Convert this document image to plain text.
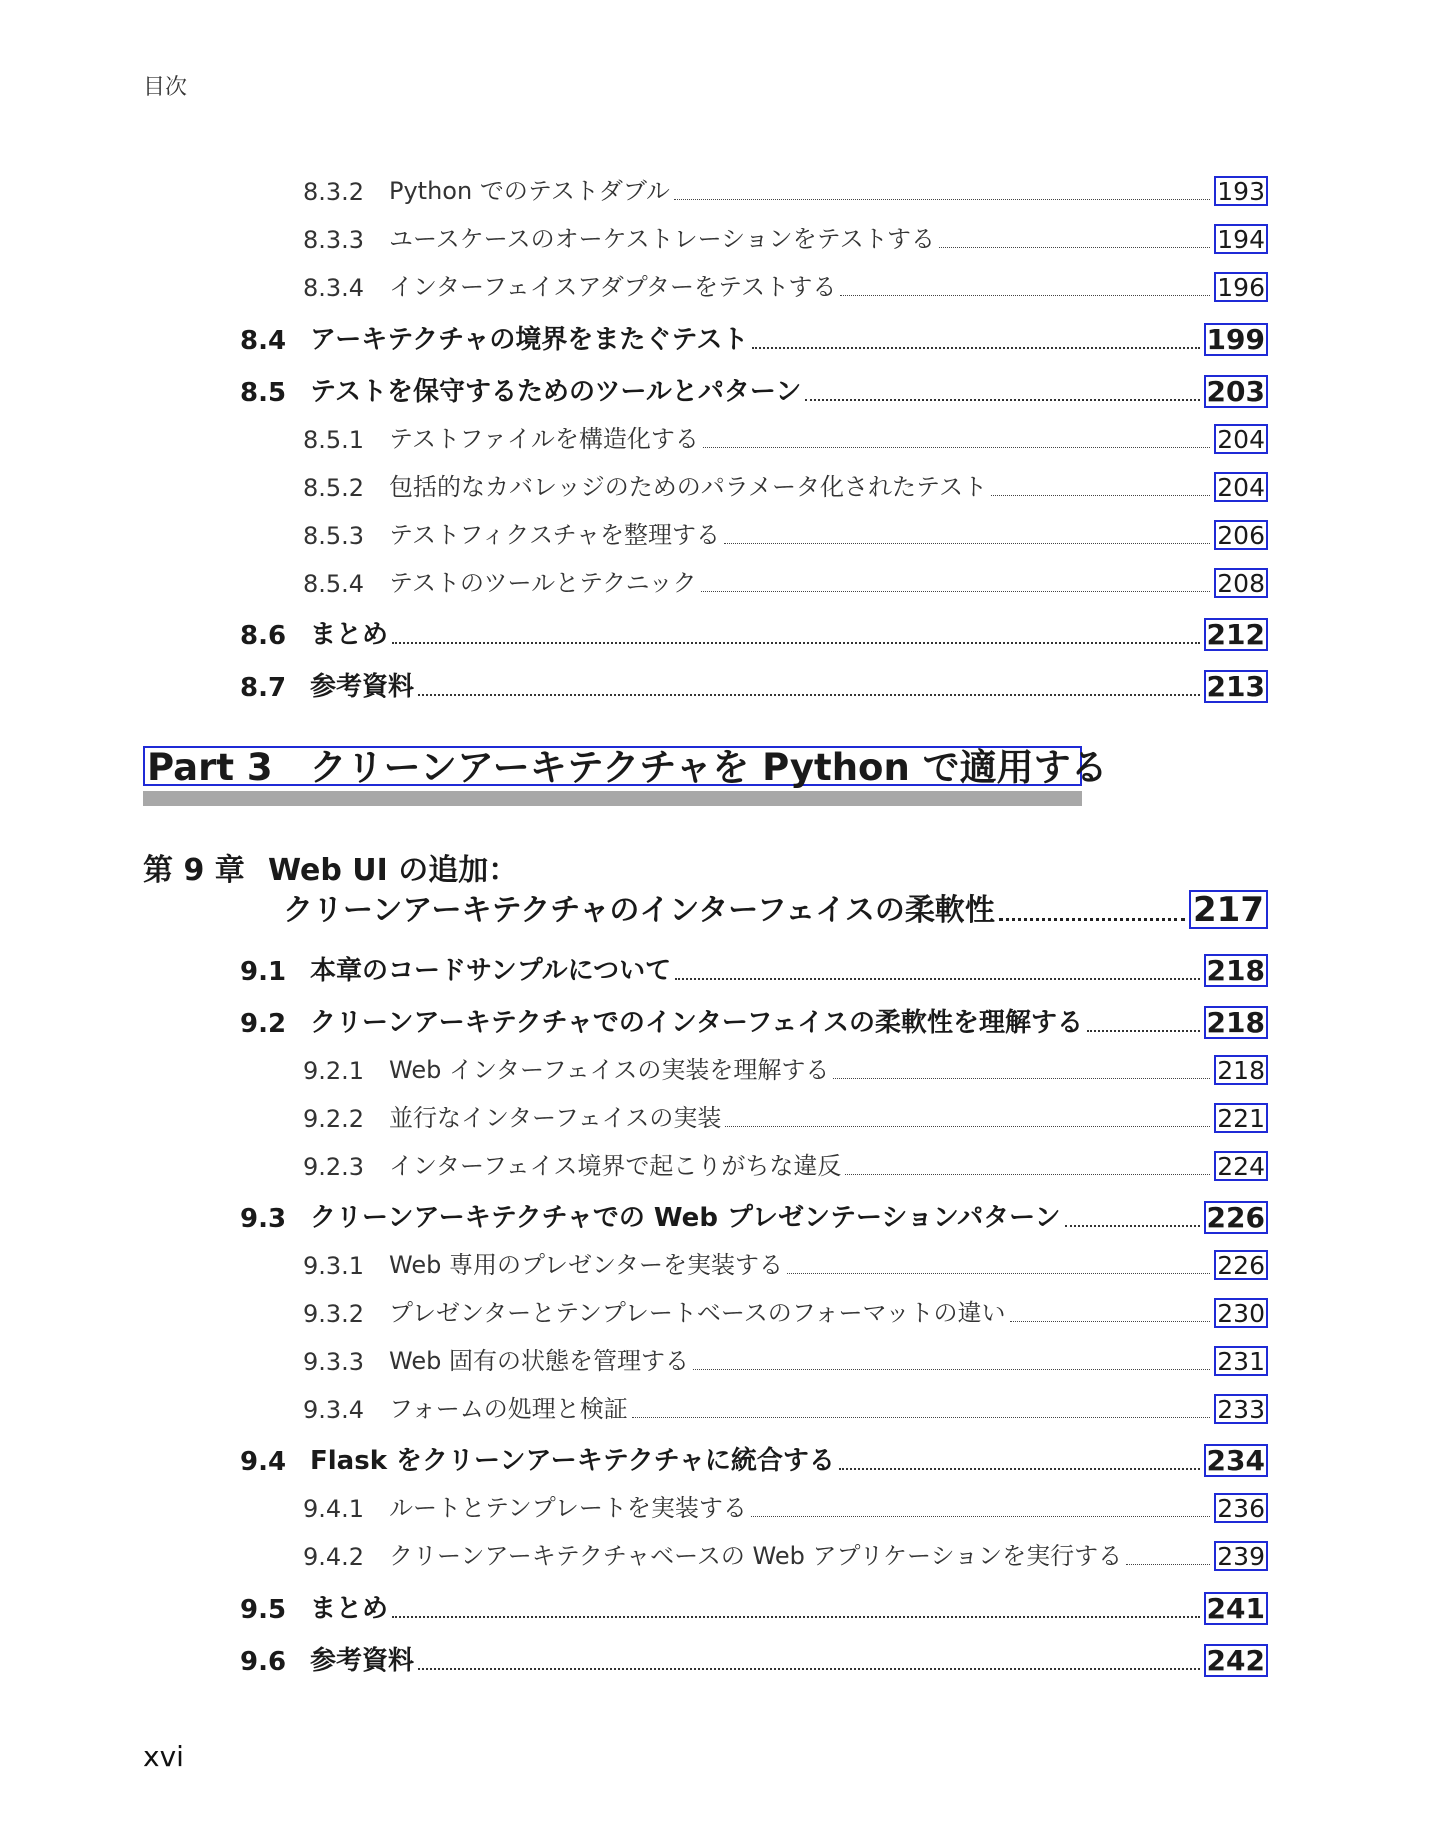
目次
8.3.2	Python でのテストダブル	193
8.3.3	ユースケースのオーケストレーションをテストする	194
8.3.4	インターフェイスアダプターをテストする	196
8.4 アーキテクチャの境界をまたぐテスト	199
8.5 テストを保守するためのツールとパターン	203
8.5.1	テストファイルを構造化する	204
8.5.2	包括的なカバレッジのためのパラメータ化されたテスト	204
8.5.3	テストフィクスチャを整理する	206
8.5.4	テストのツールとテクニック	208
8.6 まとめ	212
8.7 参考資料	213
Part 3　クリーンアーキテクチャを Python で適用する
第 9 章 Web UI の追加：
クリーンアーキテクチャのインターフェイスの柔軟性	217
9.1 本章のコードサンプルについて	218
9.2 クリーンアーキテクチャでのインターフェイスの柔軟性を理解する	218
9.2.1	Web インターフェイスの実装を理解する	218
9.2.2	並行なインターフェイスの実装	221
9.2.3	インターフェイス境界で起こりがちな違反	224
9.3 クリーンアーキテクチャでの Web プレゼンテーションパターン	226
9.3.1	Web 専用のプレゼンターを実装する	226
9.3.2	プレゼンターとテンプレートベースのフォーマットの違い	230
9.3.3	Web 固有の状態を管理する	231
9.3.4	フォームの処理と検証	233
9.4 Flask をクリーンアーキテクチャに統合する	234
9.4.1	ルートとテンプレートを実装する	236
9.4.2	クリーンアーキテクチャベースの Web アプリケーションを実行する	239
9.5 まとめ	241
9.6 参考資料	242
xvi
